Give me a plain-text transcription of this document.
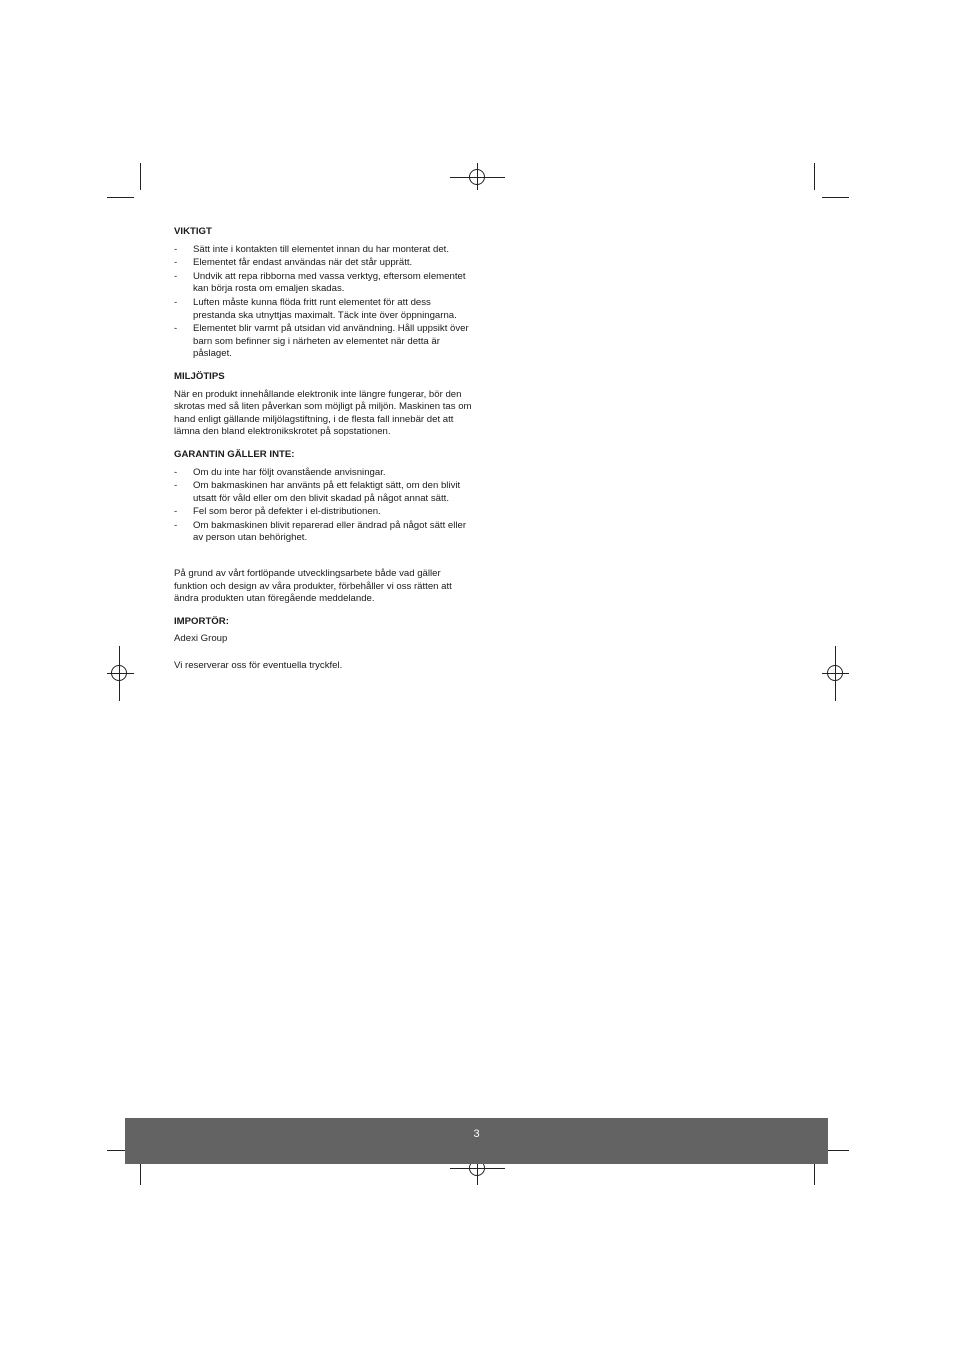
VIKTIGT
- Sätt inte i kontakten till elementet innan du har monterat det.
- Elementet får endast användas när det står upprätt.
- Undvik att repa ribborna med vassa verktyg, eftersom elementet kan börja rosta om emaljen skadas.
- Luften måste kunna flöda fritt runt elementet för att dess prestanda ska utnyttjas maximalt. Täck inte över öppningarna.
- Elementet blir varmt på utsidan vid användning. Håll uppsikt över barn som befinner sig i närheten av elementet när detta är påslaget.
MILJÖTIPS

När en produkt innehållande elektronik inte längre fungerar, bör den skrotas med så liten påverkan som möjligt på miljön. Maskinen tas om hand enligt gällande miljölagstiftning, i de flesta fall innebär det att lämna den bland elektronikskrotet på sopstationen.

GARANTIN GÄLLER INTE:
- Om du inte har följt ovanstående anvisningar.
- Om bakmaskinen har använts på ett felaktigt sätt, om den blivit utsatt för våld eller om den blivit skadad på något annat sätt.
- Fel som beror på defekter i el-distributionen.
- Om bakmaskinen blivit reparerad eller ändrad på något sätt eller av person utan behörighet.

På grund av vårt fortlöpande utvecklingsarbete både vad gäller funktion och design av våra produkter, förbehåller vi oss rätten att ändra produkten utan föregående meddelande.

IMPORTÖR:

Adexi Group

Vi reserverar oss för eventuella tryckfel.

3
